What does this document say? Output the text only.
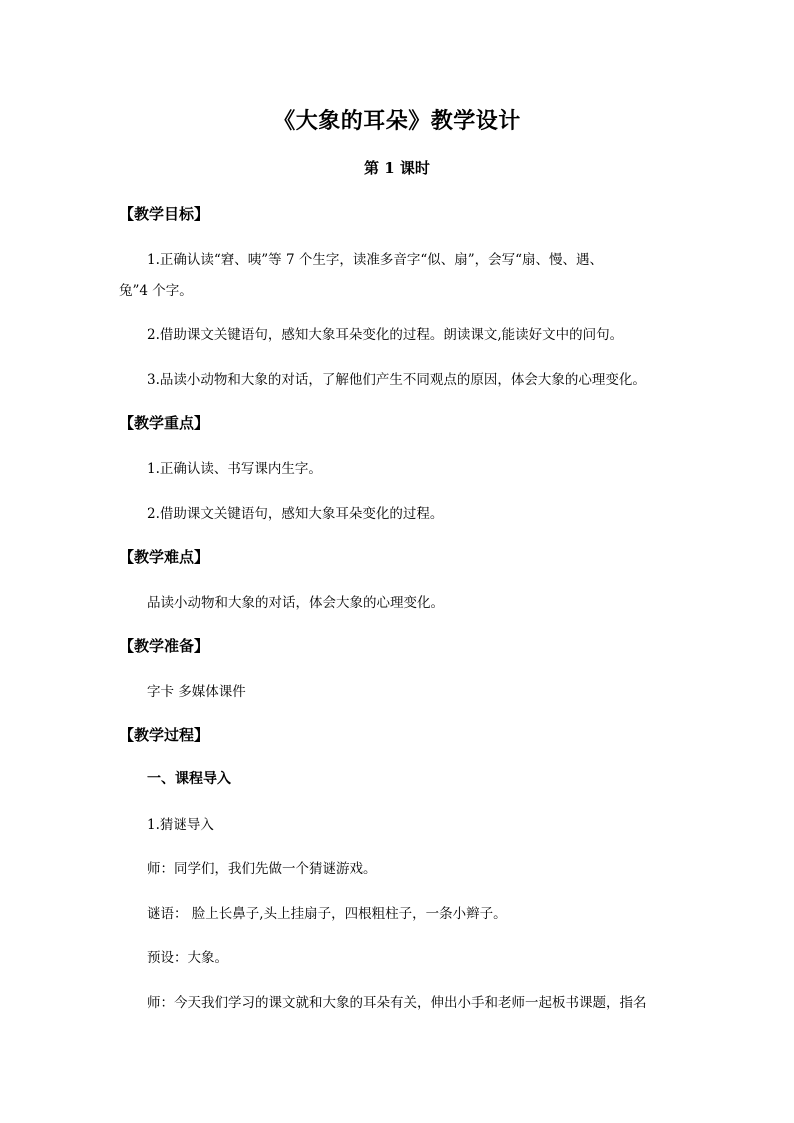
《大象的耳朵》教学设计
第 1 课时
【教学目标】
1.正确认读“窘、咦”等 7 个生字，读准多音字“似、扇”，会写“扇、慢、遇、
兔”4 个字。
2.借助课文关键语句，感知大象耳朵变化的过程。朗读课文,能读好文中的问句。
3.品读小动物和大象的对话，了解他们产生不同观点的原因，体会大象的心理变化。
【教学重点】
1.正确认读、书写课内生字。
2.借助课文关键语句，感知大象耳朵变化的过程。
【教学难点】
品读小动物和大象的对话，体会大象的心理变化。
【教学准备】
字卡 多媒体课件
【教学过程】
一、课程导入
1.猜谜导入
师：同学们，我们先做一个猜谜游戏。
谜语： 脸上长鼻子,头上挂扇子，四根粗柱子，一条小辫子。
预设：大象。
师：今天我们学习的课文就和大象的耳朵有关，伸出小手和老师一起板书课题，指名
